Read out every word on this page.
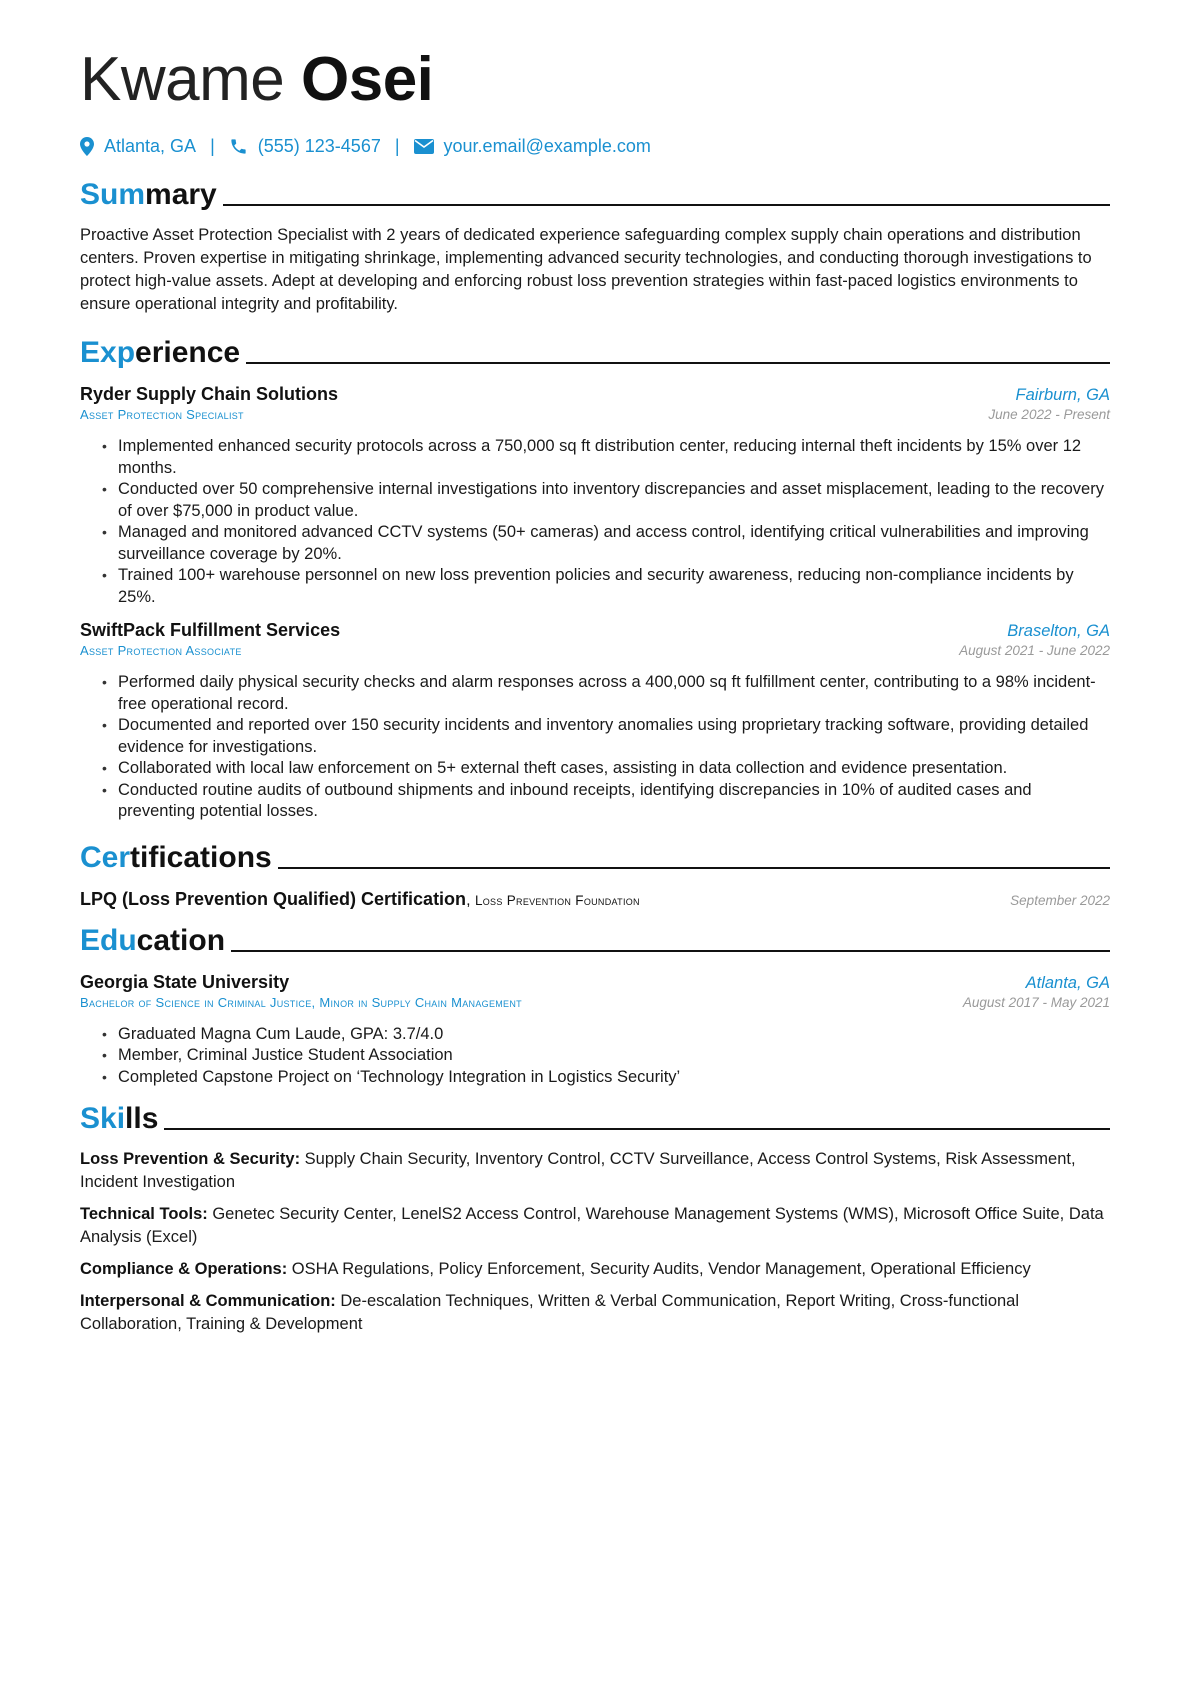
Kwame Osei
Atlanta, GA | (555) 123-4567 | your.email@example.com
Summary
Proactive Asset Protection Specialist with 2 years of dedicated experience safeguarding complex supply chain operations and distribution centers. Proven expertise in mitigating shrinkage, implementing advanced security technologies, and conducting thorough investigations to protect high-value assets. Adept at developing and enforcing robust loss prevention strategies within fast-paced logistics environments to ensure operational integrity and profitability.
Experience
Ryder Supply Chain Solutions	Fairburn, GA
Asset Protection Specialist	June 2022 - Present
• Implemented enhanced security protocols across a 750,000 sq ft distribution center, reducing internal theft incidents by 15% over 12 months.
• Conducted over 50 comprehensive internal investigations into inventory discrepancies and asset misplacement, leading to the recovery of over $75,000 in product value.
• Managed and monitored advanced CCTV systems (50+ cameras) and access control, identifying critical vulnerabilities and improving surveillance coverage by 20%.
• Trained 100+ warehouse personnel on new loss prevention policies and security awareness, reducing non-compliance incidents by 25%.
SwiftPack Fulfillment Services	Braselton, GA
Asset Protection Associate	August 2021 - June 2022
• Performed daily physical security checks and alarm responses across a 400,000 sq ft fulfillment center, contributing to a 98% incident-free operational record.
• Documented and reported over 150 security incidents and inventory anomalies using proprietary tracking software, providing detailed evidence for investigations.
• Collaborated with local law enforcement on 5+ external theft cases, assisting in data collection and evidence presentation.
• Conducted routine audits of outbound shipments and inbound receipts, identifying discrepancies in 10% of audited cases and preventing potential losses.
Certifications
LPQ (Loss Prevention Qualified) Certification, Loss Prevention Foundation	September 2022
Education
Georgia State University	Atlanta, GA
Bachelor of Science in Criminal Justice, Minor in Supply Chain Management	August 2017 - May 2021
• Graduated Magna Cum Laude, GPA: 3.7/4.0
• Member, Criminal Justice Student Association
• Completed Capstone Project on ‘Technology Integration in Logistics Security’
Skills
Loss Prevention & Security: Supply Chain Security, Inventory Control, CCTV Surveillance, Access Control Systems, Risk Assessment, Incident Investigation
Technical Tools: Genetec Security Center, LenelS2 Access Control, Warehouse Management Systems (WMS), Microsoft Office Suite, Data Analysis (Excel)
Compliance & Operations: OSHA Regulations, Policy Enforcement, Security Audits, Vendor Management, Operational Efficiency
Interpersonal & Communication: De-escalation Techniques, Written & Verbal Communication, Report Writing, Cross-functional Collaboration, Training & Development
